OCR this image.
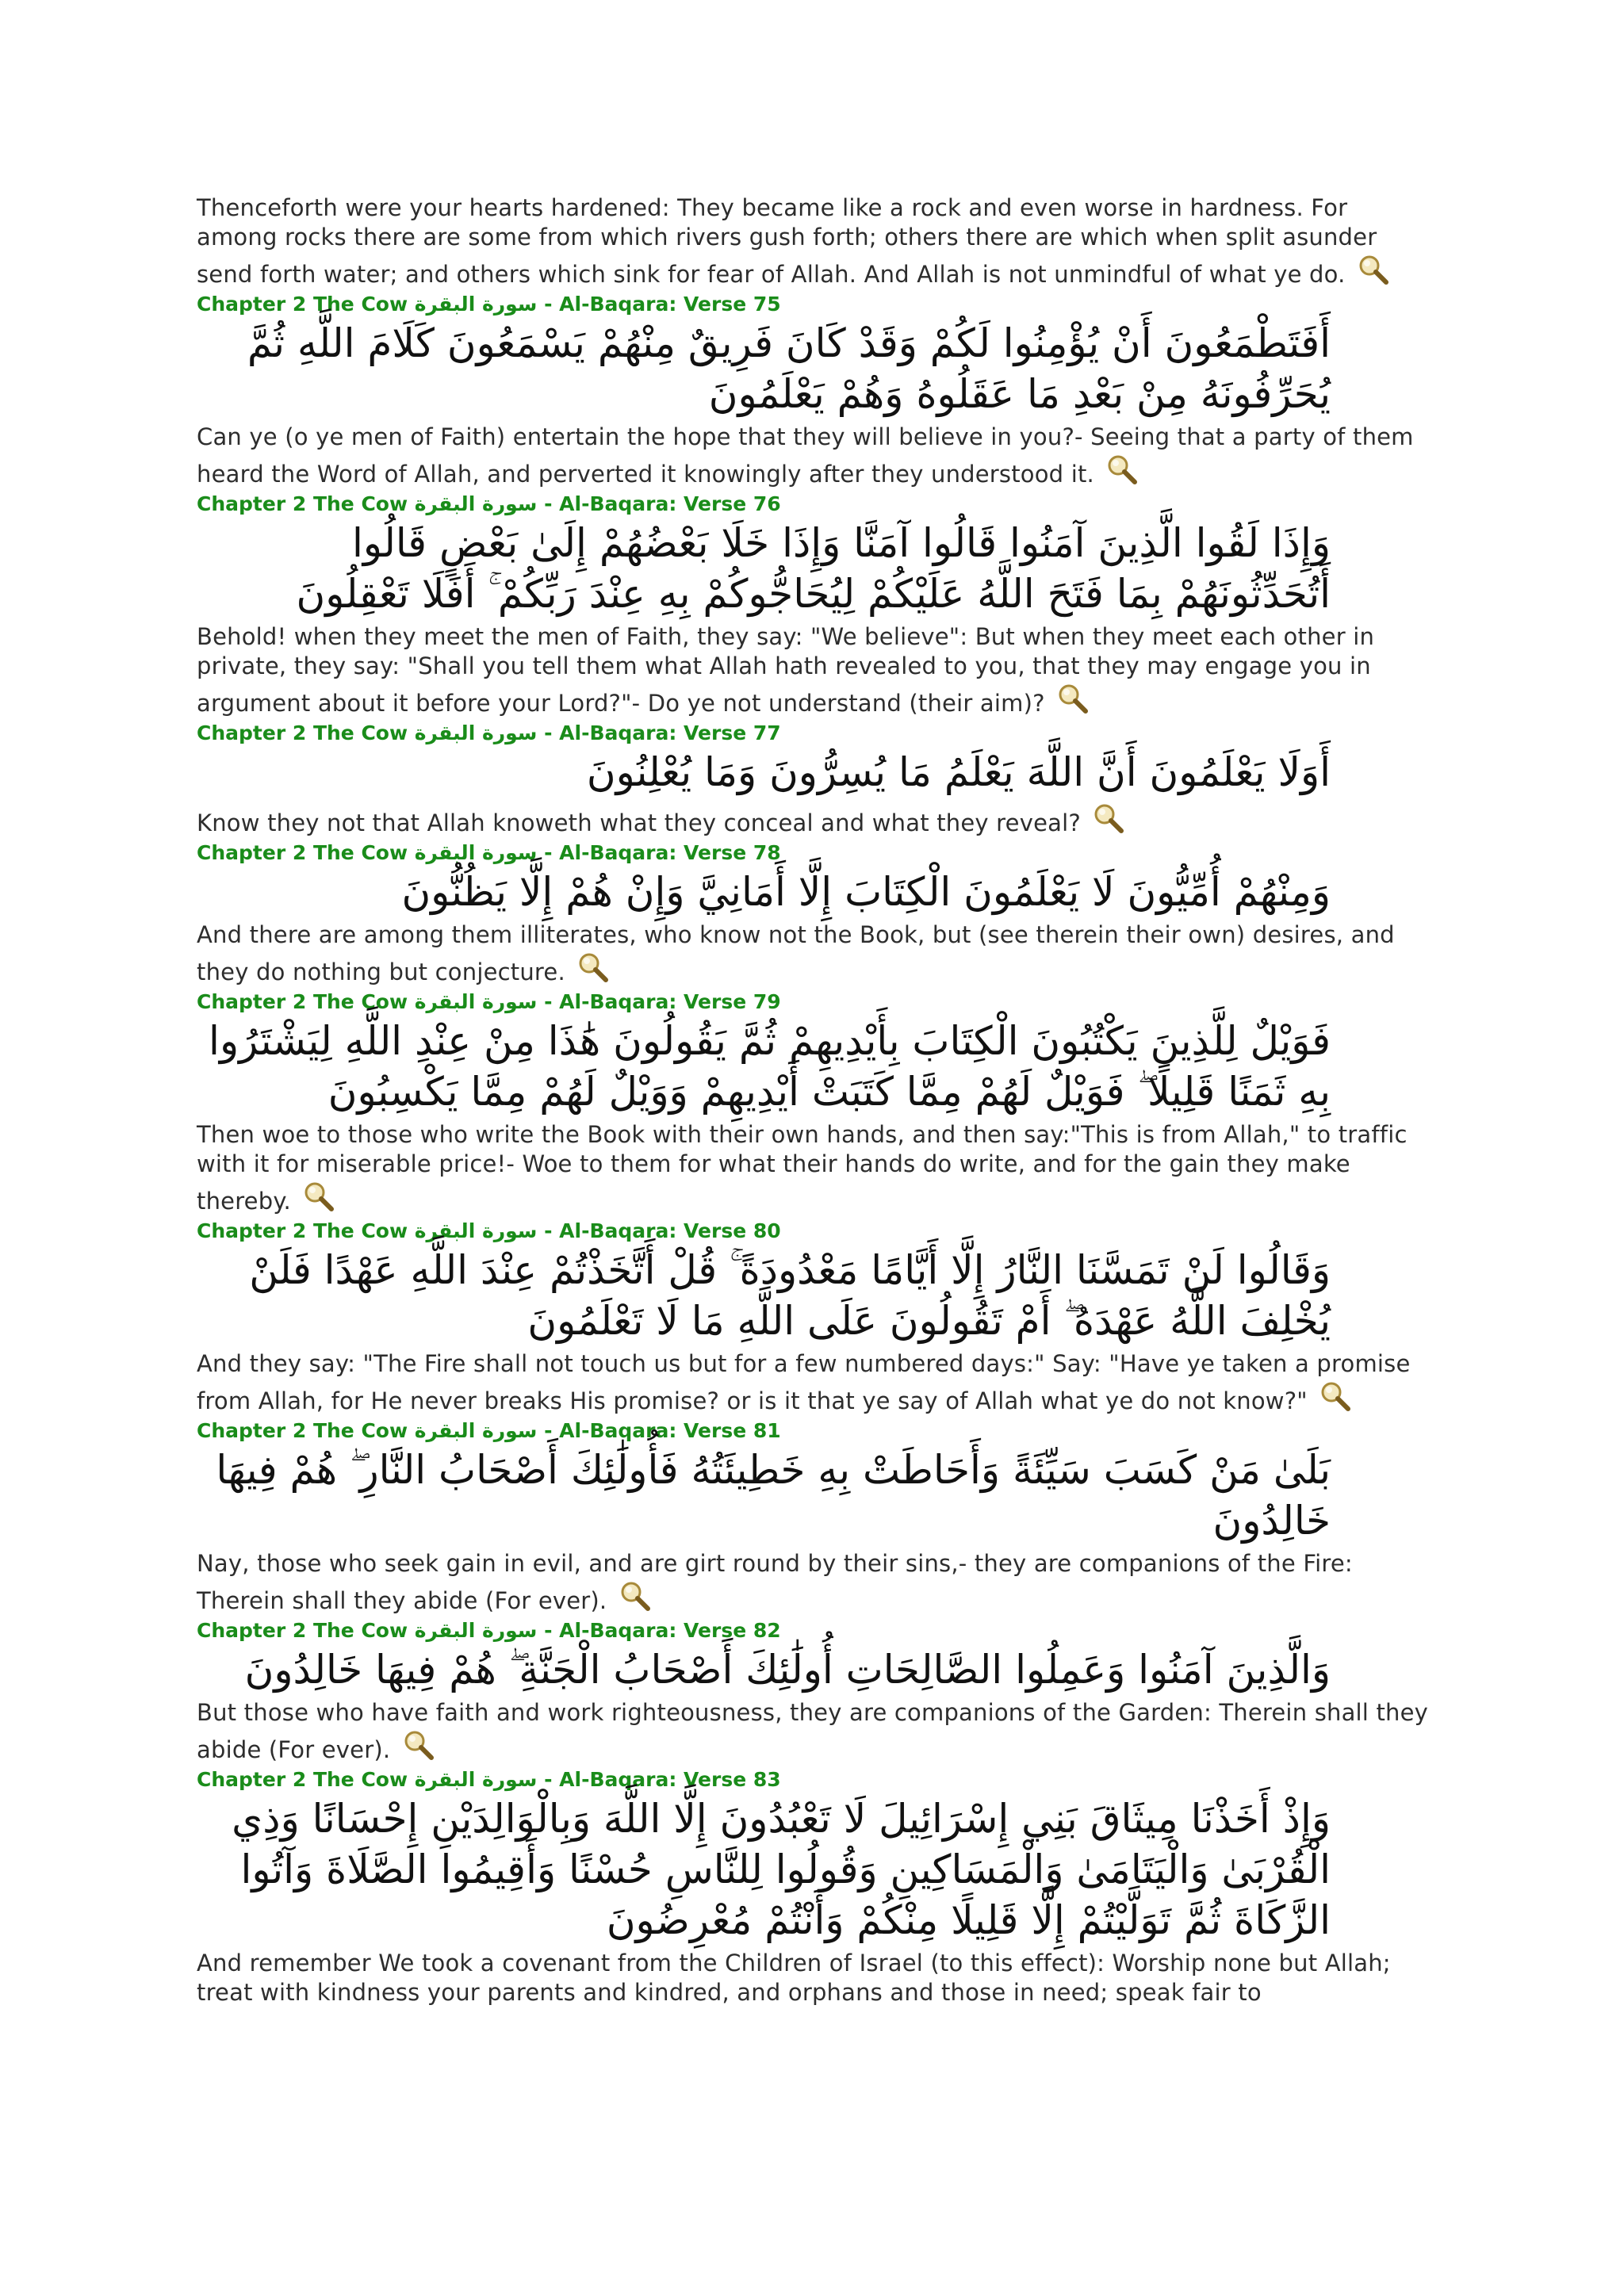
Thenceforth were your hearts hardened: They became like a rock and even worse in hardness. For among rocks there are some from which rivers gush forth; others there are which when split asunder send forth water; and others which sink for fear of Allah. And Allah is not unmindful of what ye do.
Chapter 2 The Cow سورة البقرة - Al-Baqara: Verse 75
أَفَتَطْمَعُونَ أَنْ يُؤْمِنُوا لَكُمْ وَقَدْ كَانَ فَرِيقٌ مِنْهُمْ يَسْمَعُونَ كَلَامَ اللَّهِ ثُمَّ يُحَرِّفُونَهُ مِنْ بَعْدِ مَا عَقَلُوهُ وَهُمْ يَعْلَمُونَ
Can ye (o ye men of Faith) entertain the hope that they will believe in you?- Seeing that a party of them heard the Word of Allah, and perverted it knowingly after they understood it.
Chapter 2 The Cow سورة البقرة - Al-Baqara: Verse 76
وَإِذَا لَقُوا الَّذِينَ آمَنُوا قَالُوا آمَنَّا وَإِذَا خَلَا بَعْضُهُمْ إِلَىٰ بَعْضٍ قَالُوا أَتُحَدِّثُونَهُمْ بِمَا فَتَحَ اللَّهُ عَلَيْكُمْ لِيُحَاجُّوكُمْ بِهِ عِنْدَ رَبِّكُمْ ۚ أَفَلَا تَعْقِلُونَ
Behold! when they meet the men of Faith, they say: "We believe": But when they meet each other in private, they say: "Shall you tell them what Allah hath revealed to you, that they may engage you in argument about it before your Lord?"- Do ye not understand (their aim)?
Chapter 2 The Cow سورة البقرة - Al-Baqara: Verse 77
أَوَلَا يَعْلَمُونَ أَنَّ اللَّهَ يَعْلَمُ مَا يُسِرُّونَ وَمَا يُعْلِنُونَ
Know they not that Allah knoweth what they conceal and what they reveal?
Chapter 2 The Cow سورة البقرة - Al-Baqara: Verse 78
وَمِنْهُمْ أُمِّيُّونَ لَا يَعْلَمُونَ الْكِتَابَ إِلَّا أَمَانِيَّ وَإِنْ هُمْ إِلَّا يَظُنُّونَ
And there are among them illiterates, who know not the Book, but (see therein their own) desires, and they do nothing but conjecture.
Chapter 2 The Cow سورة البقرة - Al-Baqara: Verse 79
فَوَيْلٌ لِلَّذِينَ يَكْتُبُونَ الْكِتَابَ بِأَيْدِيهِمْ ثُمَّ يَقُولُونَ هَٰذَا مِنْ عِنْدِ اللَّهِ لِيَشْتَرُوا بِهِ ثَمَنًا قَلِيلًا ۖ فَوَيْلٌ لَهُمْ مِمَّا كَتَبَتْ أَيْدِيهِمْ وَوَيْلٌ لَهُمْ مِمَّا يَكْسِبُونَ
Then woe to those who write the Book with their own hands, and then say:"This is from Allah," to traffic with it for miserable price!- Woe to them for what their hands do write, and for the gain they make thereby.
Chapter 2 The Cow سورة البقرة - Al-Baqara: Verse 80
وَقَالُوا لَنْ تَمَسَّنَا النَّارُ إِلَّا أَيَّامًا مَعْدُودَةً ۚ قُلْ أَتَّخَذْتُمْ عِنْدَ اللَّهِ عَهْدًا فَلَنْ يُخْلِفَ اللَّهُ عَهْدَهُ ۖ أَمْ تَقُولُونَ عَلَى اللَّهِ مَا لَا تَعْلَمُونَ
And they say: "The Fire shall not touch us but for a few numbered days:" Say: "Have ye taken a promise from Allah, for He never breaks His promise? or is it that ye say of Allah what ye do not know?"
Chapter 2 The Cow سورة البقرة - Al-Baqara: Verse 81
بَلَىٰ مَنْ كَسَبَ سَيِّئَةً وَأَحَاطَتْ بِهِ خَطِيئَتُهُ فَأُولَٰئِكَ أَصْحَابُ النَّارِ ۖ هُمْ فِيهَا خَالِدُونَ
Nay, those who seek gain in evil, and are girt round by their sins,- they are companions of the Fire: Therein shall they abide (For ever).
Chapter 2 The Cow سورة البقرة - Al-Baqara: Verse 82
وَالَّذِينَ آمَنُوا وَعَمِلُوا الصَّالِحَاتِ أُولَٰئِكَ أَصْحَابُ الْجَنَّةِ ۖ هُمْ فِيهَا خَالِدُونَ
But those who have faith and work righteousness, they are companions of the Garden: Therein shall they abide (For ever).
Chapter 2 The Cow سورة البقرة - Al-Baqara: Verse 83
وَإِذْ أَخَذْنَا مِيثَاقَ بَنِي إِسْرَائِيلَ لَا تَعْبُدُونَ إِلَّا اللَّهَ وَبِالْوَالِدَيْنِ إِحْسَانًا وَذِي الْقُرْبَىٰ وَالْيَتَامَىٰ وَالْمَسَاكِينِ وَقُولُوا لِلنَّاسِ حُسْنًا وَأَقِيمُوا الصَّلَاةَ وَآتُوا الزَّكَاةَ ثُمَّ تَوَلَّيْتُمْ إِلَّا قَلِيلًا مِنْكُمْ وَأَنْتُمْ مُعْرِضُونَ
And remember We took a covenant from the Children of Israel (to this effect): Worship none but Allah; treat with kindness your parents and kindred, and orphans and those in need; speak fair to
